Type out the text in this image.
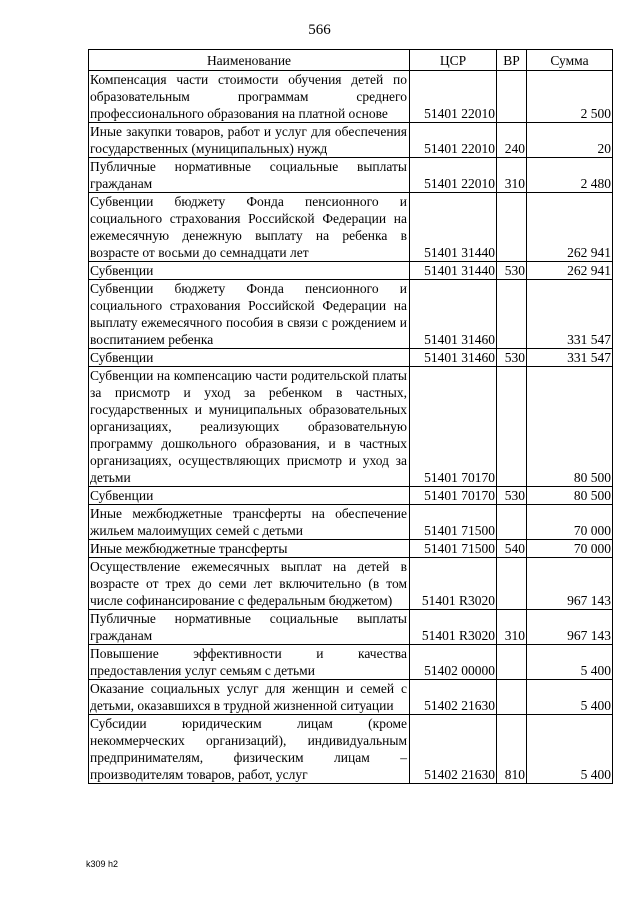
566
Наименование	ЦСР	ВР	Сумма
Компенсация части стоимости обучения детей по образовательным программам среднего профессионального образования на платной основе	51401 22010		2 500
Иные закупки товаров, работ и услуг для обеспечения государственных (муниципальных) нужд	51401 22010	240	20
Публичные нормативные социальные выплаты гражданам	51401 22010	310	2 480
Субвенции бюджету Фонда пенсионного и социального страхования Российской Федерации на ежемесячную денежную выплату на ребенка в возрасте от восьми до семнадцати лет	51401 31440		262 941
Субвенции	51401 31440	530	262 941
Субвенции бюджету Фонда пенсионного и социального страхования Российской Федерации на выплату ежемесячного пособия в связи с рождением и воспитанием ребенка	51401 31460		331 547
Субвенции	51401 31460	530	331 547
Субвенции на компенсацию части родительской платы за присмотр и уход за ребенком в частных, государственных и муниципальных образовательных организациях, реализующих образовательную программу дошкольного образования, и в частных организациях, осуществляющих присмотр и уход за детьми	51401 70170		80 500
Субвенции	51401 70170	530	80 500
Иные межбюджетные трансферты на обеспечение жильем малоимущих семей с детьми	51401 71500		70 000
Иные межбюджетные трансферты	51401 71500	540	70 000
Осуществление ежемесячных выплат на детей в возрасте от трех до семи лет включительно (в том числе софинансирование с федеральным бюджетом)	51401 R3020		967 143
Публичные нормативные социальные выплаты гражданам	51401 R3020	310	967 143
Повышение эффективности и качества предоставления услуг семьям с детьми	51402 00000		5 400
Оказание социальных услуг для женщин и семей с детьми, оказавшихся в трудной жизненной ситуации	51402 21630		5 400
Субсидии юридическим лицам (кроме некоммерческих организаций), индивидуальным предпринимателям, физическим лицам – производителям товаров, работ, услуг	51402 21630	810	5 400
k309 h2
